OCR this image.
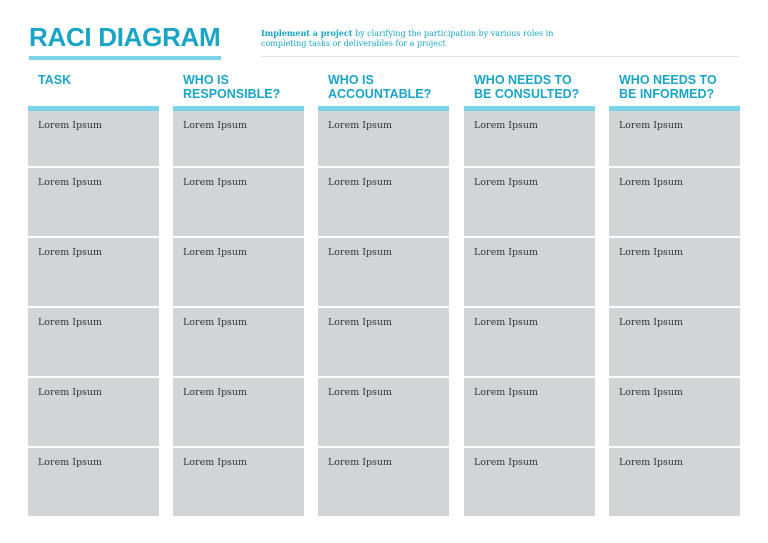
RACI DIAGRAM	Implement a project by clarifying the participation by various roles in completing tasks or deliverables for a project
TASK
Lorem Ipsum
Lorem Ipsum
Lorem Ipsum
Lorem Ipsum
Lorem Ipsum
Lorem Ipsum
WHO IS
RESPONSIBLE?
Lorem Ipsum
Lorem Ipsum
Lorem Ipsum
Lorem Ipsum
Lorem Ipsum
Lorem Ipsum
WHO IS
ACCOUNTABLE?
Lorem Ipsum
Lorem Ipsum
Lorem Ipsum
Lorem Ipsum
Lorem Ipsum
Lorem Ipsum
WHO NEEDS TO
BE CONSULTED?
Lorem Ipsum
Lorem Ipsum
Lorem Ipsum
Lorem Ipsum
Lorem Ipsum
Lorem Ipsum
WHO NEEDS TO
BE INFORMED?
Lorem Ipsum
Lorem Ipsum
Lorem Ipsum
Lorem Ipsum
Lorem Ipsum
Lorem Ipsum
